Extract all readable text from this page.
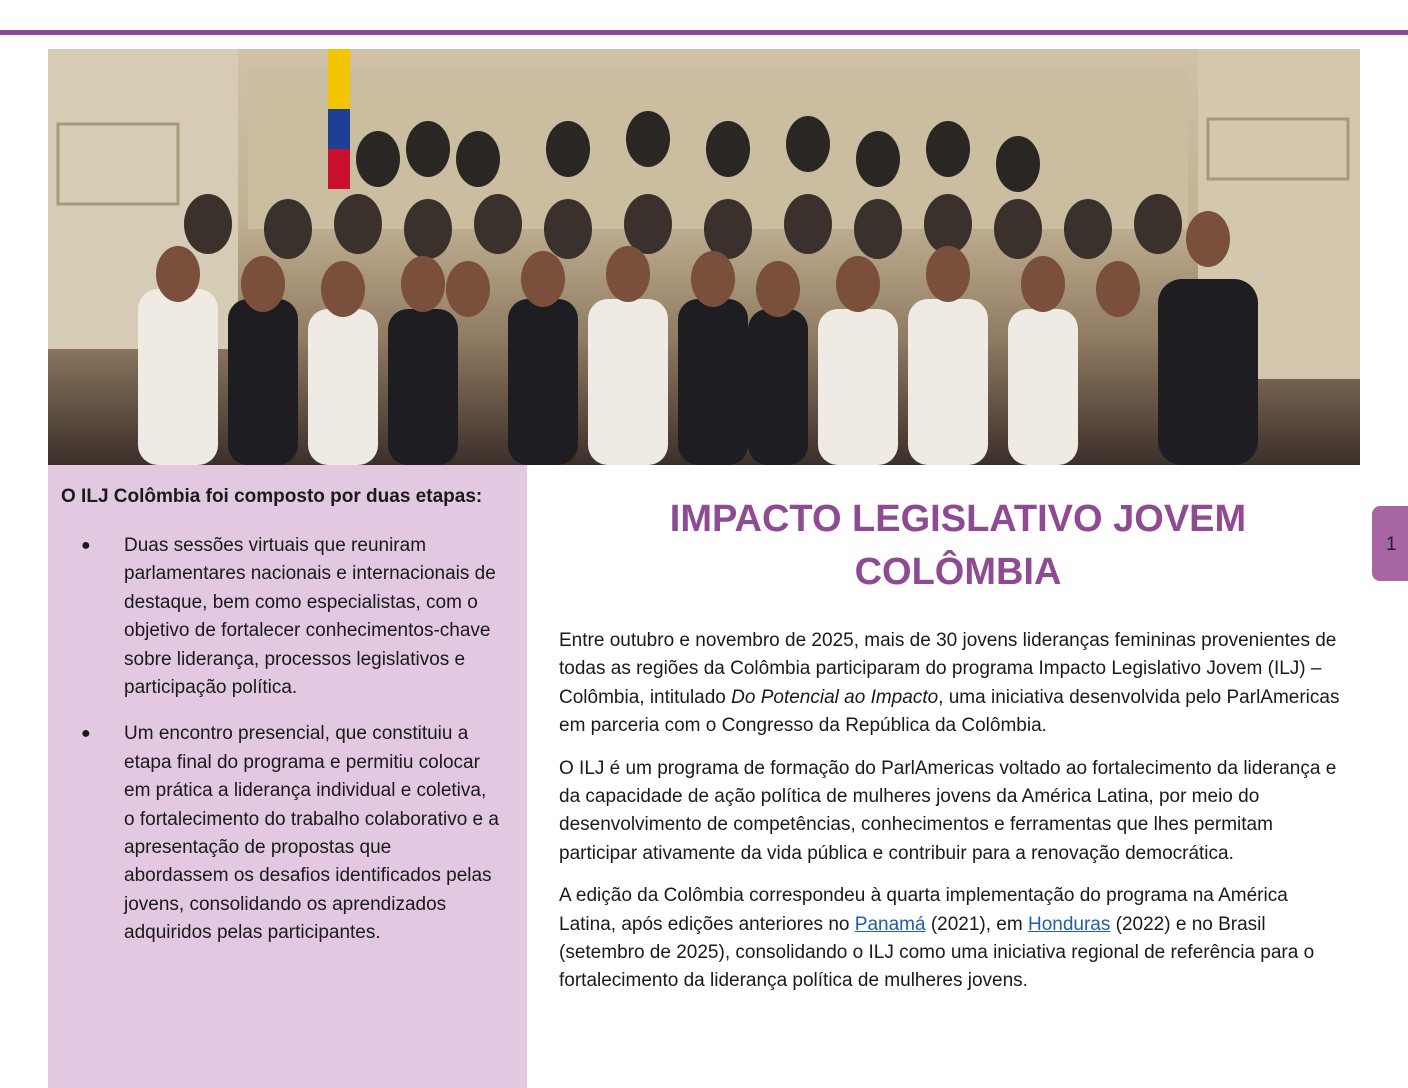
O ILJ Colômbia foi composto por duas etapas:

● Duas sessões virtuais que reuniram parlamentares nacionais e internacionais de destaque, bem como especialistas, com o objetivo de fortalecer conhecimentos-chave sobre liderança, processos legislativos e participação política.
● Um encontro presencial, que constituiu a etapa final do programa e permitiu colocar em prática a liderança individual e coletiva, o fortalecimento do trabalho colaborativo e a apresentação de propostas que abordassem os desafios identificados pelas jovens, consolidando os aprendizados adquiridos pelas participantes.
IMPACTO LEGISLATIVO JOVEM
COLÔMBIA

Entre outubro e novembro de 2025, mais de 30 jovens lideranças femininas provenientes de todas as regiões da Colômbia participaram do programa Impacto Legislativo Jovem (ILJ) – Colômbia, intitulado Do Potencial ao Impacto, uma iniciativa desenvolvida pelo ParlAmericas em parceria com o Congresso da República da Colômbia.

O ILJ é um programa de formação do ParlAmericas voltado ao fortalecimento da liderança e da capacidade de ação política de mulheres jovens da América Latina, por meio do desenvolvimento de competências, conhecimentos e ferramentas que lhes permitam participar ativamente da vida pública e contribuir para a renovação democrática.

A edição da Colômbia correspondeu à quarta implementação do programa na América Latina, após edições anteriores no Panamá (2021), em Honduras (2022) e no Brasil (setembro de 2025), consolidando o ILJ como uma iniciativa regional de referência para o fortalecimento da liderança política de mulheres jovens.

1
